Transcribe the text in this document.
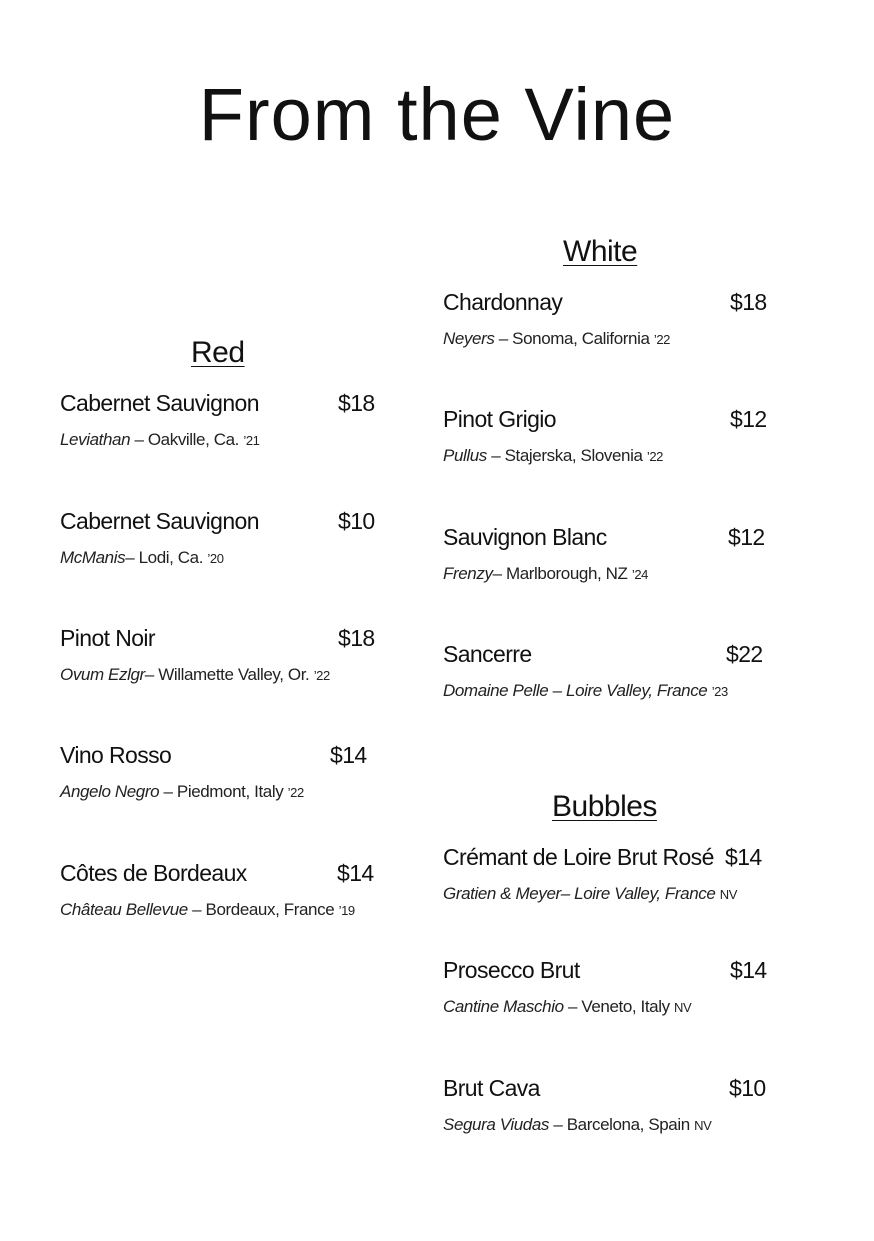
From the Vine
Red
Cabernet Sauvignon	$18
Leviathan – Oakville, Ca. ’21
Cabernet Sauvignon	$10
McManis– Lodi, Ca. ’20
Pinot Noir	$18
Ovum Ezlgr– Willamette Valley, Or. ’22
Vino Rosso	$14
Angelo Negro – Piedmont, Italy ’22
Côtes de Bordeaux	$14
Château Bellevue – Bordeaux, France ’19
White
Chardonnay	$18
Neyers – Sonoma, California ’22
Pinot Grigio	$12
Pullus – Stajerska, Slovenia ’22
Sauvignon Blanc	$12
Frenzy– Marlborough, NZ ’24
Sancerre	$22
Domaine Pelle – Loire Valley, France ’23
Bubbles
Crémant de Loire Brut Rosé $14
Gratien & Meyer– Loire Valley, France NV
Prosecco Brut	$14
Cantine Maschio – Veneto, Italy NV
Brut Cava	$10
Segura Viudas – Barcelona, Spain NV
